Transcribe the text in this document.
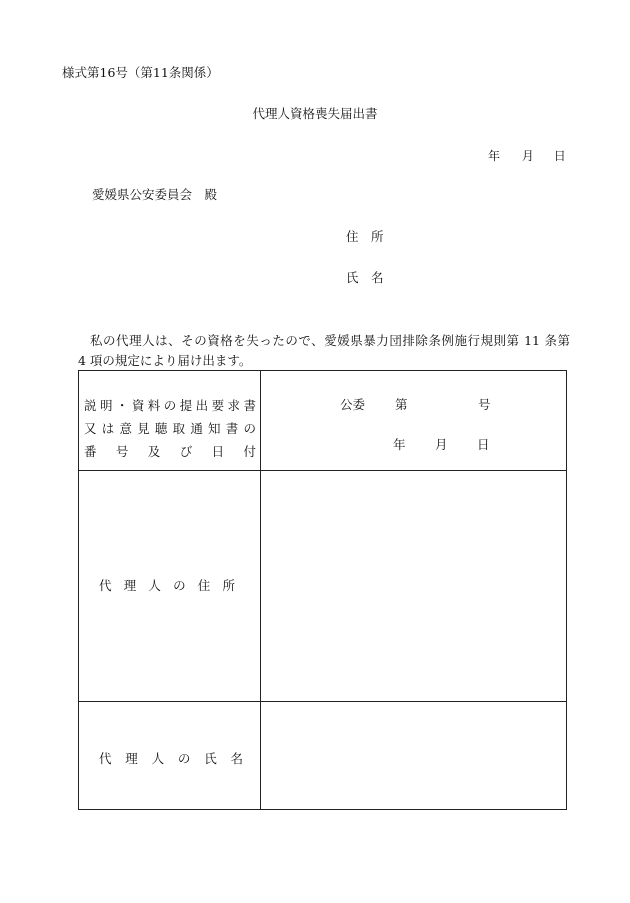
様式第16号（第11条関係）
代理人資格喪失届出書
年 月 日
愛媛県公安委員会　殿
住　所
氏　名
私の代理人は、その資格を失ったので、愛媛県暴力団排除条例施行規則第 11 条第
4 項の規定により届け出ます。
説明・資料の提出要求書
又は意見聴取通知書の
番号及び日付
公委 第	号
年 月 日
代理人の住所
代理人の氏名
